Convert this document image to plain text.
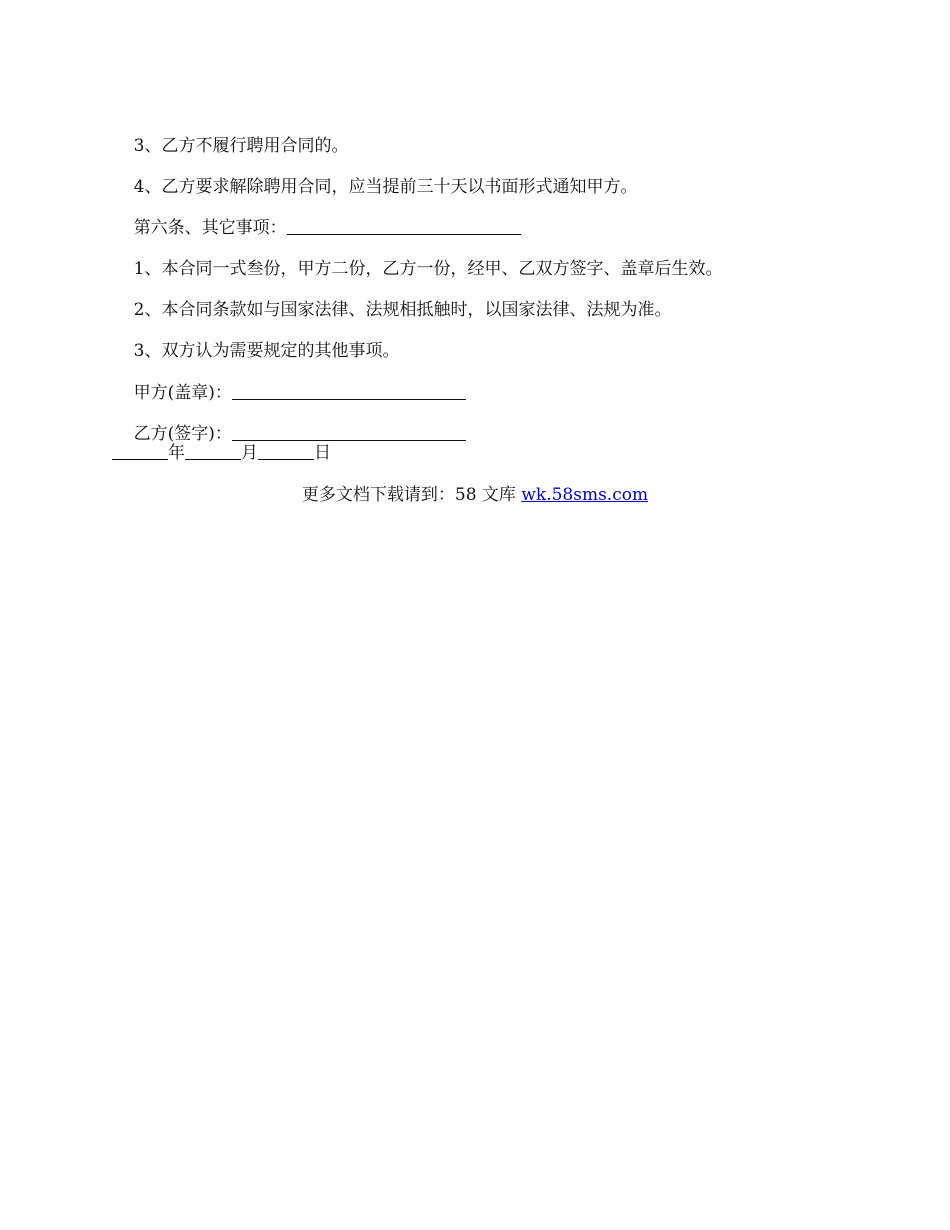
3、乙方不履行聘用合同的。

4、乙方要求解除聘用合同，应当提前三十天以书面形式通知甲方。

第六条、其它事项：

1、本合同一式叁份，甲方二份，乙方一份，经甲、乙双方签字、盖章后生效。

2、本合同条款如与国家法律、法规相抵触时，以国家法律、法规为准。

3、双方认为需要规定的其他事项。

甲方(盖章)：

乙方(签字)：

年	月	日
更多文档下载请到：58 文库 wk.58sms.com
